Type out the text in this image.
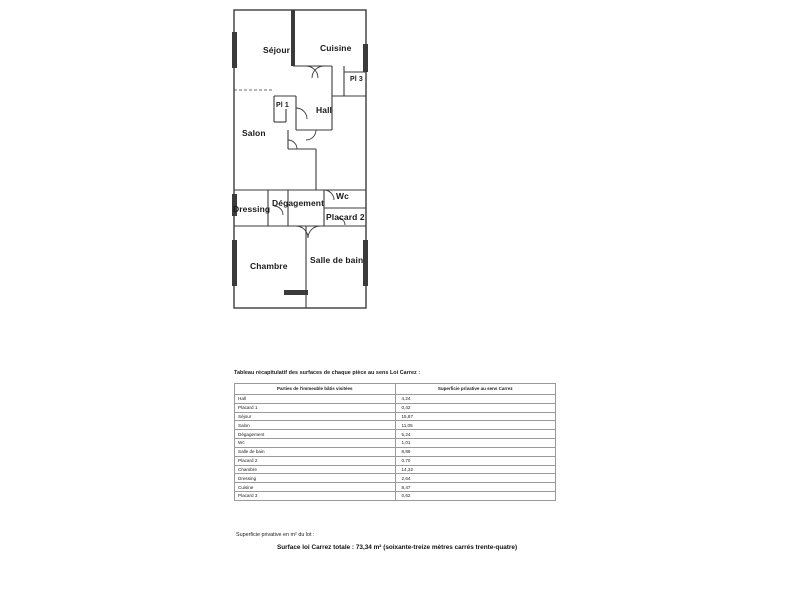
Séjour	Cuisine
Pl 3
Pl 1	Hall
Salon
Wc
Dégagement
Dressing
Placard 2
Chambre
Salle de bain
Tableau récapitulatif des surfaces de chaque pièce au sens Loi Carrez :
Parties de l'immeuble bâtis visitées	Superficie privative au sens Carrez
Hall	4,24
Placard 1	0,42
Séjour	15,87
Salon	11,05
Dégagement	5,24
Wc	1,01
Salle de bain	8,86
Placard 2	0,70
Chambre	14,32
Dressing	2,64
Cuisine	8,47
Placard 3	0,62
Superficie privative en m² du lot :
Surface loi Carrez totale : 73,34 m² (soixante-treize mètres carrés trente-quatre)
